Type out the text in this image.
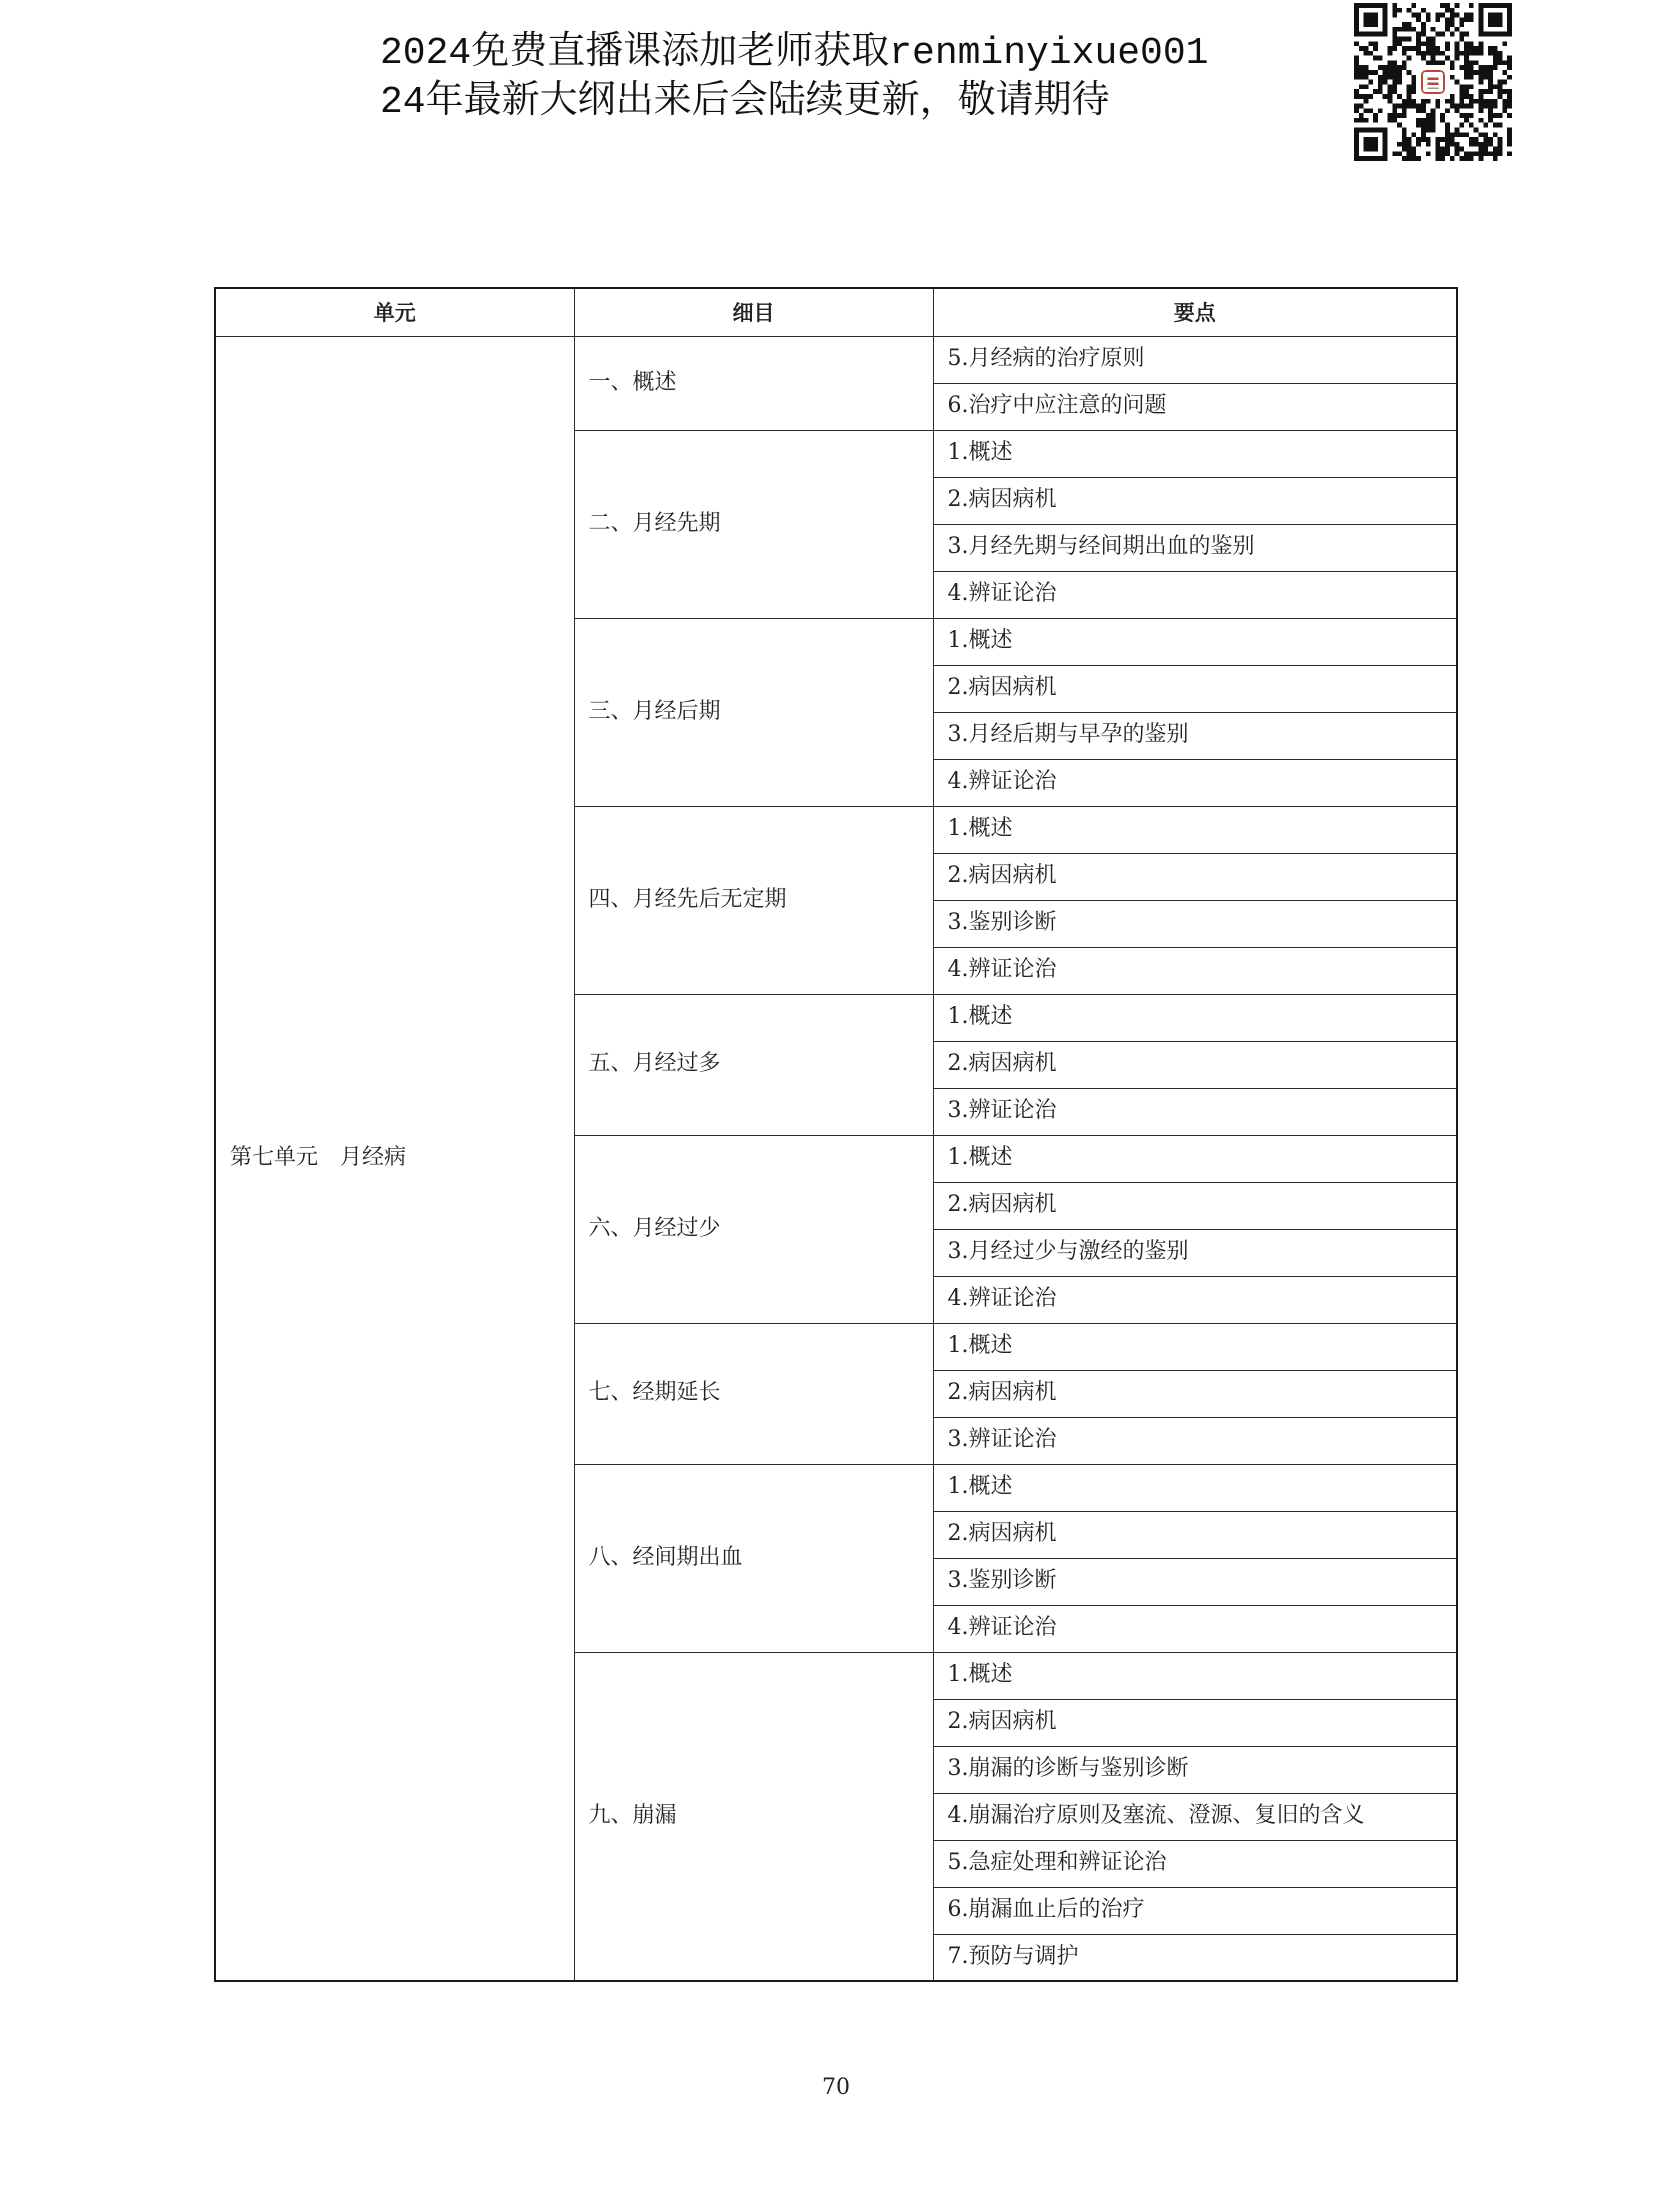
2024免费直播课添加老师获取renminyixue001
24年最新大纲出来后会陆续更新，敬请期待
单元	细目	要点
第七单元　月经病	一、概述	5.月经病的治疗原则
		6.治疗中应注意的问题
	二、月经先期	1.概述
		2.病因病机
		3.月经先期与经间期出血的鉴别
		4.辨证论治
	三、月经后期	1.概述
		2.病因病机
		3.月经后期与早孕的鉴别
		4.辨证论治
	四、月经先后无定期	1.概述
		2.病因病机
		3.鉴别诊断
		4.辨证论治
	五、月经过多	1.概述
		2.病因病机
		3.辨证论治
	六、月经过少	1.概述
		2.病因病机
		3.月经过少与激经的鉴别
		4.辨证论治
	七、经期延长	1.概述
		2.病因病机
		3.辨证论治
	八、经间期出血	1.概述
		2.病因病机
		3.鉴别诊断
		4.辨证论治
	九、崩漏	1.概述
		2.病因病机
		3.崩漏的诊断与鉴别诊断
		4.崩漏治疗原则及塞流、澄源、复旧的含义
		5.急症处理和辨证论治
		6.崩漏血止后的治疗
		7.预防与调护
70
